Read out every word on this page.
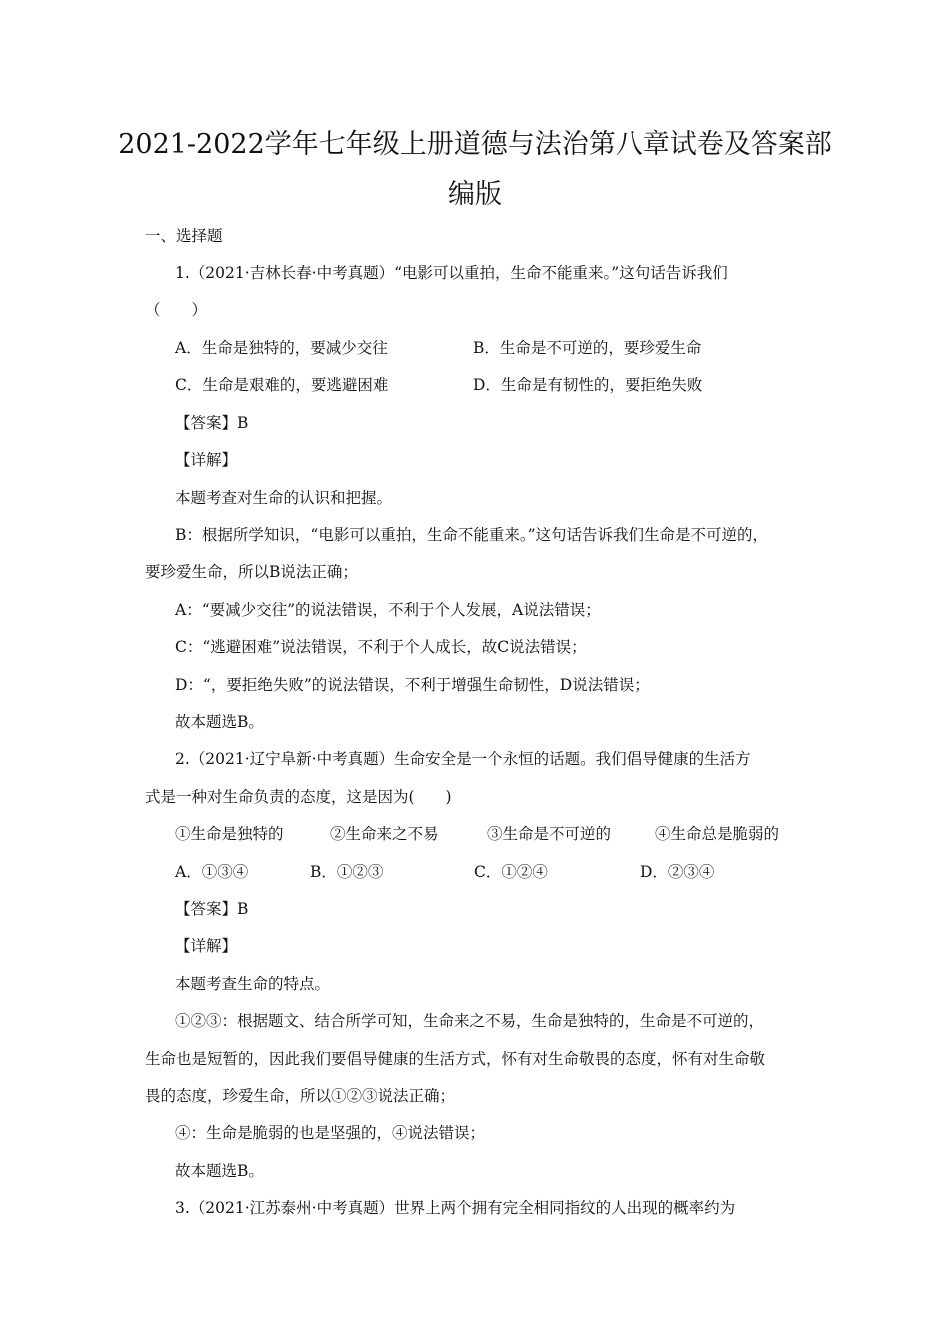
2021-2022学年七年级上册道德与法治第八章试卷及答案部
编版
一、选择题
1.（2021·吉林长春·中考真题）“电影可以重拍，生命不能重来。”这句话告诉我们
（　　）
A．生命是独特的，要减少交往	B．生命是不可逆的，要珍爱生命
C．生命是艰难的，要逃避困难	D．生命是有韧性的，要拒绝失败
【答案】B
【详解】
本题考查对生命的认识和把握。
B：根据所学知识，“电影可以重拍，生命不能重来。”这句话告诉我们生命是不可逆的，
要珍爱生命，所以B说法正确；
A：“要减少交往”的说法错误，不利于个人发展，A说法错误；
C：“逃避困难”说法错误，不利于个人成长，故C说法错误；
D：“，要拒绝失败”的说法错误，不利于增强生命韧性，D说法错误；
故本题选B。
2.（2021·辽宁阜新·中考真题）生命安全是一个永恒的话题。我们倡导健康的生活方
式是一种对生命负责的态度，这是因为(　　)
①生命是独特的	②生命来之不易	③生命是不可逆的	④生命总是脆弱的
A．①③④	B．①②③	C．①②④	D．②③④
【答案】B
【详解】
本题考查生命的特点。
①②③：根据题文、结合所学可知，生命来之不易，生命是独特的，生命是不可逆的，
生命也是短暂的，因此我们要倡导健康的生活方式，怀有对生命敬畏的态度，怀有对生命敬
畏的态度，珍爱生命，所以①②③说法正确；
④：生命是脆弱的也是坚强的，④说法错误；
故本题选B。
3.（2021·江苏泰州·中考真题）世界上两个拥有完全相同指纹的人出现的概率约为
